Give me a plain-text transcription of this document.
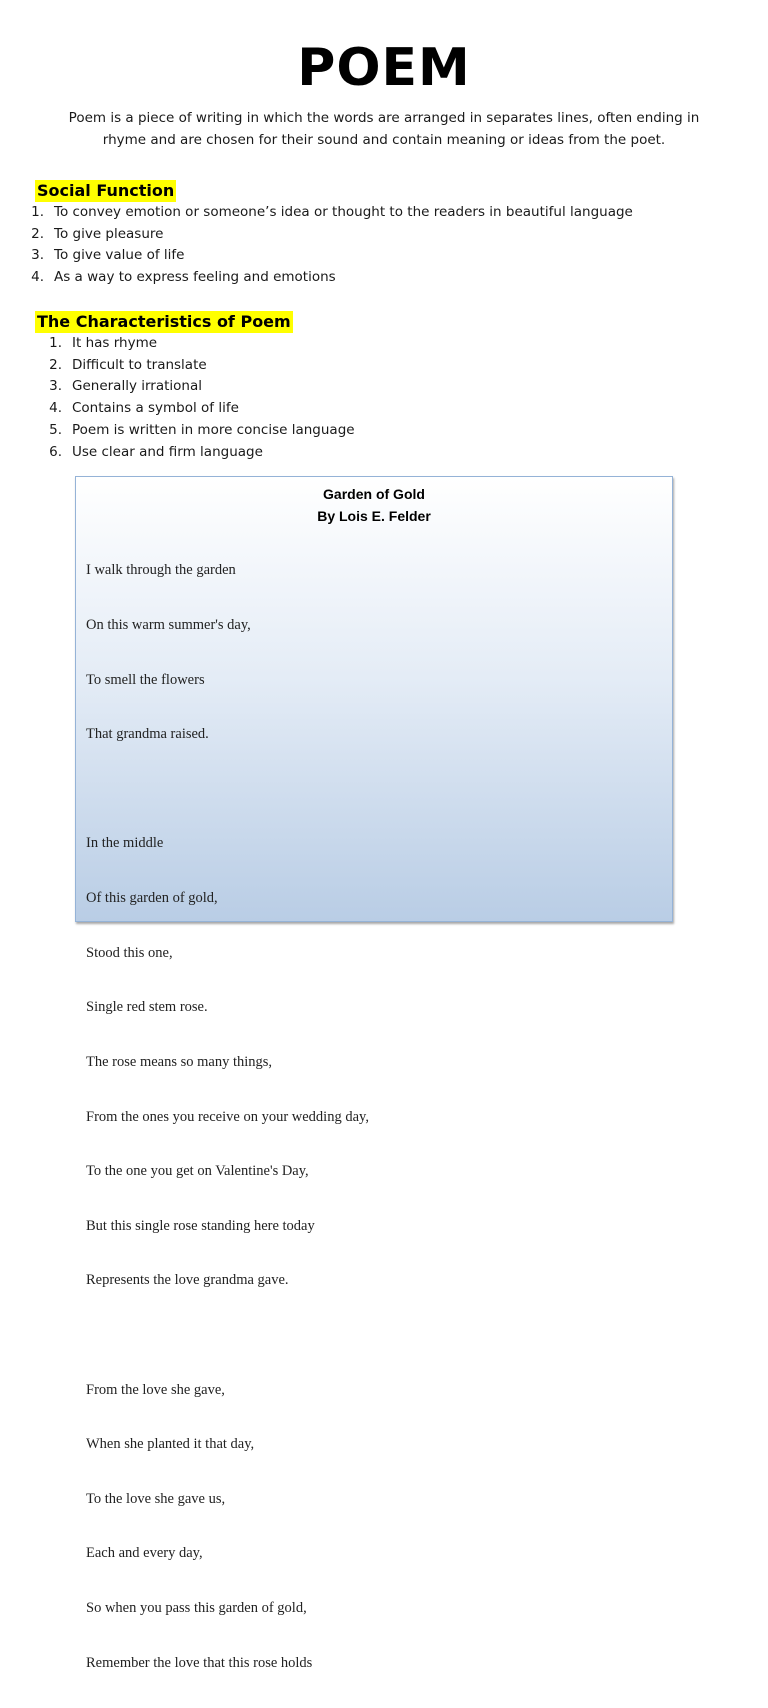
POEM
Poem is a piece of writing in which the words are arranged in separates lines, often ending in rhyme and are chosen for their sound and contain meaning or ideas from the poet.
Social Function
1. To convey emotion or someone’s idea or thought to the readers in beautiful language
2. To give pleasure
3. To give value of life
4. As a way to express feeling and emotions
The Characteristics of Poem
1. It has rhyme
2. Difficult to translate
3. Generally irrational
4. Contains a symbol of life
5. Poem is written in more concise language
6. Use clear and firm language
Garden of Gold
By Lois E. Felder

I walk through the garden

On this warm summer's day,

To smell the flowers

That grandma raised.

In the middle

Of this garden of gold,

Stood this one,

Single red stem rose.

The rose means so many things,

From the ones you receive on your wedding day,

To the one you get on Valentine's Day,

But this single rose standing here today

Represents the love grandma gave.

From the love she gave,

When she planted it that day,

To the love she gave us,

Each and every day,

So when you pass this garden of gold,

Remember the love that this rose holds
